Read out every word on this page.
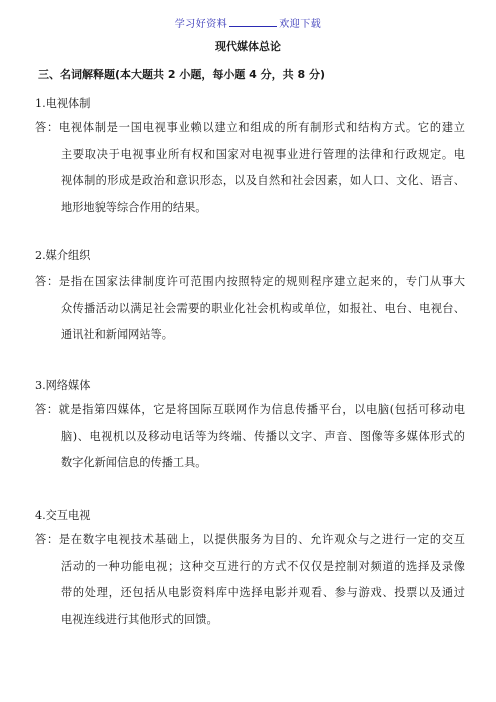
学习好资料	欢迎下载
现代媒体总论
三、名词解释题(本大题共 2 小题，每小题 4 分，共 8 分)
1.电视体制
答：电视体制是一国电视事业赖以建立和组成的所有制形式和结构方式。它的建立
主要取决于电视事业所有权和国家对电视事业进行管理的法律和行政规定。电
视体制的形成是政治和意识形态，以及自然和社会因素，如人口、文化、语言、
地形地貌等综合作用的结果。
2.媒介组织
答：是指在国家法律制度许可范围内按照特定的规则程序建立起来的，专门从事大
众传播活动以满足社会需要的职业化社会机构或单位，如报社、电台、电视台、
通讯社和新闻网站等。
3.网络媒体
答：就是指第四媒体，它是将国际互联网作为信息传播平台，以电脑(包括可移动电
脑)、电视机以及移动电话等为终端、传播以文字、声音、图像等多媒体形式的
数字化新闻信息的传播工具。
4.交互电视
答：是在数字电视技术基础上，以提供服务为目的、允许观众与之进行一定的交互
活动的一种功能电视；这种交互进行的方式不仅仅是控制对频道的选择及录像
带的处理，还包括从电影资料库中选择电影并观看、参与游戏、投票以及通过
电视连线进行其他形式的回馈。
